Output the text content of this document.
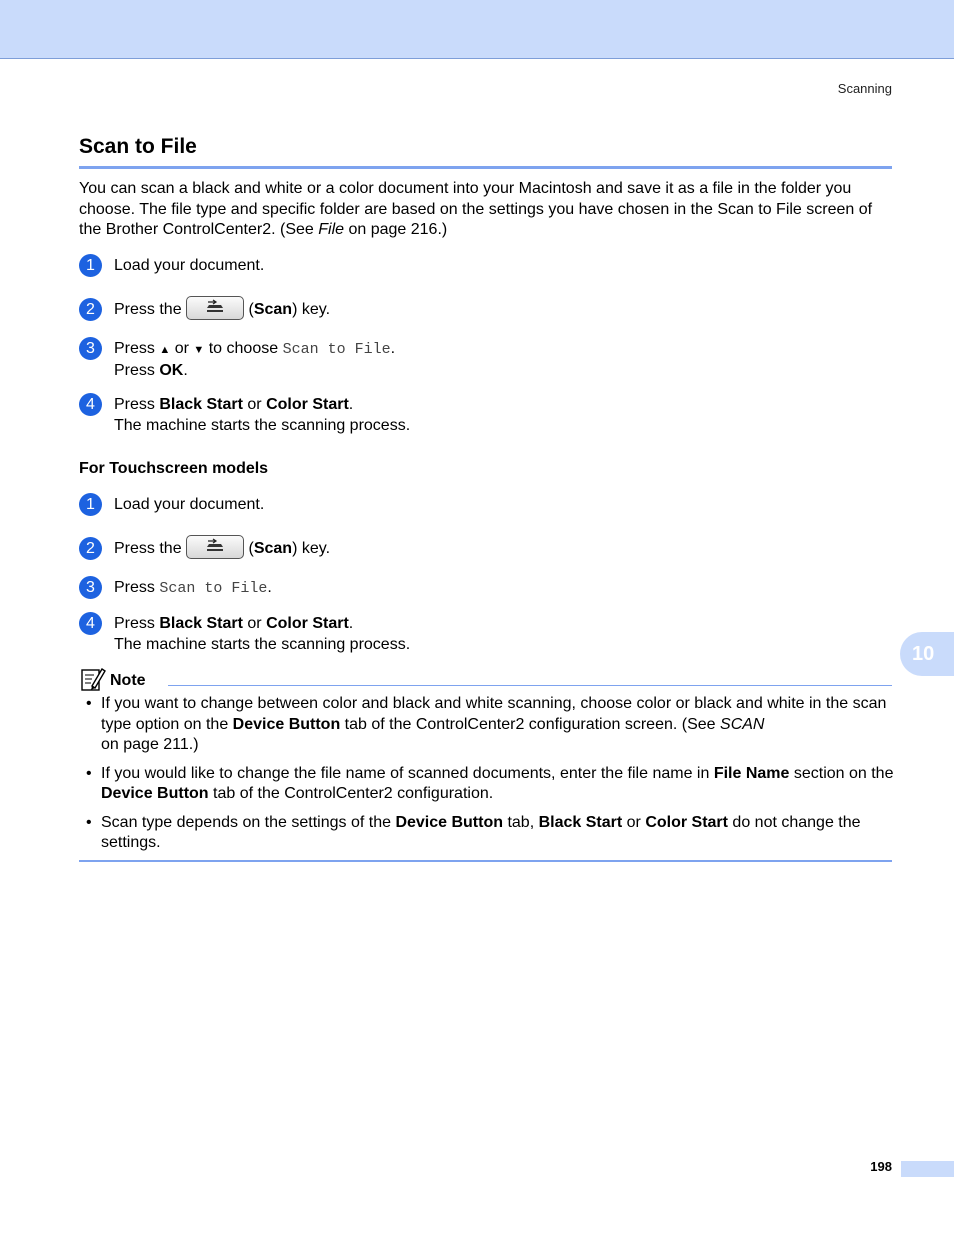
Scanning
Scan to File

You can scan a black and white or a color document into your Macintosh and save it as a file in the folder you choose. The file type and specific folder are based on the settings you have chosen in the Scan to File screen of the Brother ControlCenter2. (See File on page 216.)

1	Load your document.
2	Press the	(Scan) key.
3	Press ▲ or ▼ to choose Scan to File.
Press OK.
4	Press Black Start or Color Start.
The machine starts the scanning process.
For Touchscreen models
1	Load your document.
2	Press the	(Scan) key.
3	Press Scan to File.
4	Press Black Start or Color Start.
The machine starts the scanning process.	10
Note
• If you want to change between color and black and white scanning, choose color or black and white in the scan type option on the Device Button tab of the ControlCenter2 configuration screen. (See SCAN
on page 211.)
• If you would like to change the file name of scanned documents, enter the file name in File Name section on the Device Button tab of the ControlCenter2 configuration.
• Scan type depends on the settings of the Device Button tab, Black Start or Color Start do not change the settings.
198
